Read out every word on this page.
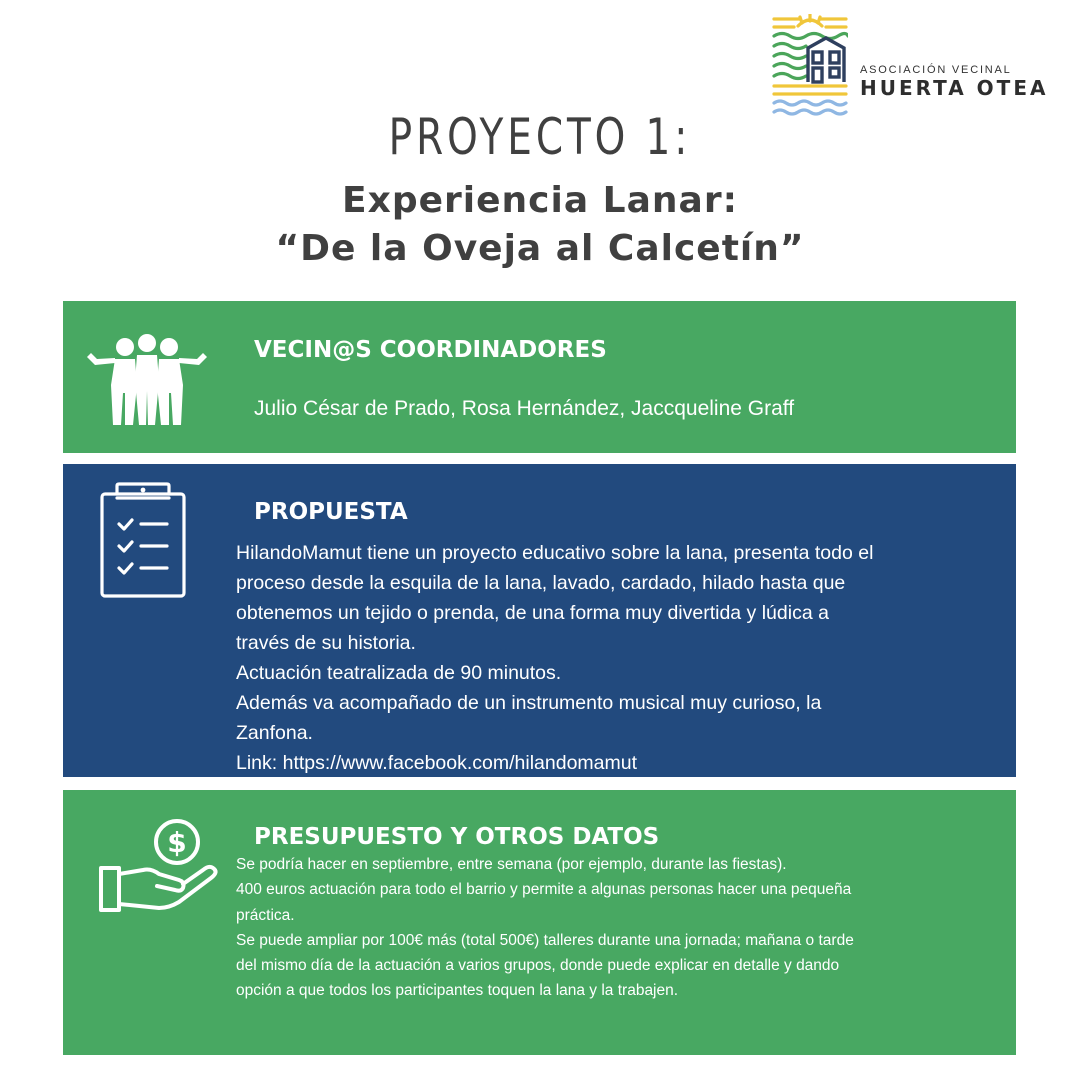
ASOCIACIÓN VECINAL
HUERTA OTEA
PROYECTO 1:
Experiencia Lanar:
“De la Oveja al Calcetín”
VECIN@S COORDINADORES
Julio César de Prado, Rosa Hernández, Jaccqueline Graff
PROPUESTA
HilandoMamut tiene un proyecto educativo sobre la lana, presenta todo el
proceso desde la esquila de la lana, lavado, cardado, hilado hasta que
obtenemos un tejido o prenda, de una forma muy divertida y lúdica a
través de su historia.
Actuación teatralizada de 90 minutos.
Además va acompañado de un instrumento musical muy curioso, la
Zanfona.
Link: https://www.facebook.com/hilandomamut
$	PRESUPUESTO Y OTROS DATOS
Se podría hacer en septiembre, entre semana (por ejemplo, durante las fiestas).
400 euros actuación para todo el barrio y permite a algunas personas hacer una pequeña
práctica.
Se puede ampliar por 100€ más (total 500€) talleres durante una jornada; mañana o tarde
del mismo día de la actuación a varios grupos, donde puede explicar en detalle y dando
opción a que todos los participantes toquen la lana y la trabajen.
